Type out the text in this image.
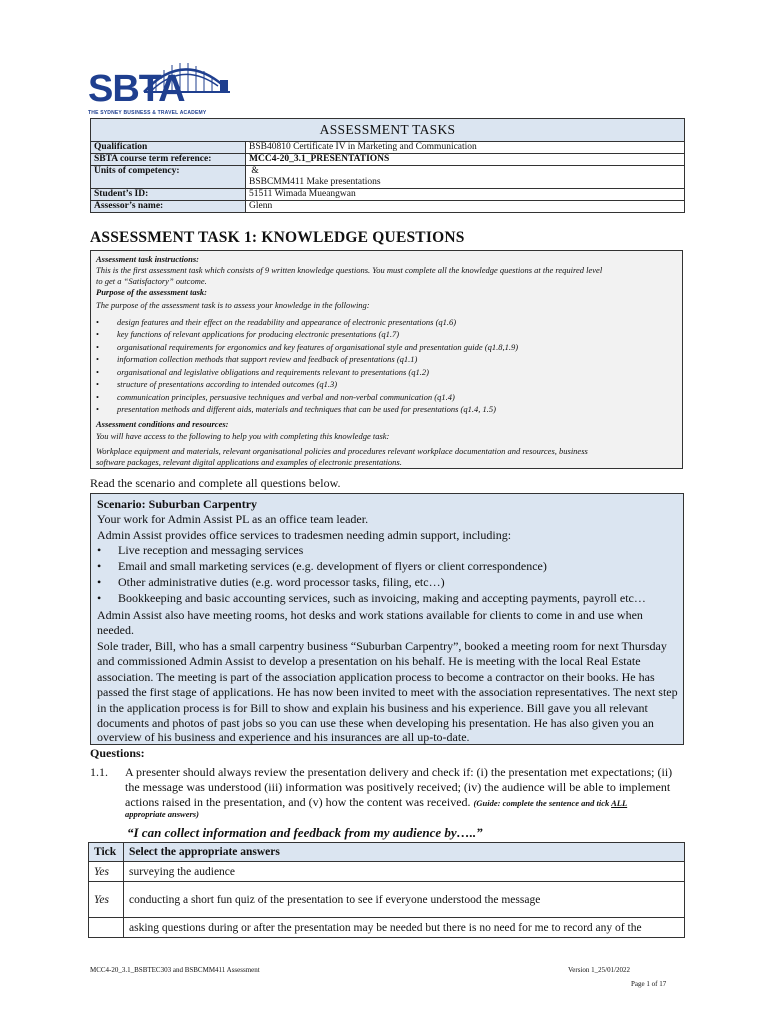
SBTA
THE SYDNEY BUSINESS & TRAVEL ACADEMY
ASSESSMENT TASKS	
Qualification	BSB40810 Certificate IV in Marketing and Communication
SBTA course term reference:	MCC4-20_3.1_PRESENTATIONS
Units of competency:	&
BSBCMM411 Make presentations

Student’s ID:	51511 Wimada Mueangwan
Assessor’s name:	Glenn
ASSESSMENT TASK 1: KNOWLEDGE QUESTIONS
Assessment task instructions:
This is the first assessment task which consists of 9 written knowledge questions. You must complete all the knowledge questions at the required level
to get a “Satisfactory” outcome.
Purpose of the assessment task:
The purpose of the assessment task is to assess your knowledge in the following:
• design features and their effect on the readability and appearance of electronic presentations (q1.6)
• key functions of relevant applications for producing electronic presentations (q1.7)
• organisational requirements for ergonomics and key features of organisational style and presentation guide (q1.8,1.9)
• information collection methods that support review and feedback of presentations (q1.1)
• organisational and legislative obligations and requirements relevant to presentations (q1.2)
• structure of presentations according to intended outcomes (q1.3)
• communication principles, persuasive techniques and verbal and non-verbal communication (q1.4)
• presentation methods and different aids, materials and techniques that can be used for presentations (q1.4, 1.5)
Assessment conditions and resources:
You will have access to the following to help you with completing this knowledge task:
Workplace equipment and materials, relevant organisational policies and procedures relevant workplace documentation and resources, business
software packages, relevant digital applications and examples of electronic presentations.
Read the scenario and complete all questions below.
Scenario: Suburban Carpentry
Your work for Admin Assist PL as an office team leader.
Admin Assist provides office services to tradesmen needing admin support, including:
• Live reception and messaging services
• Email and small marketing services (e.g. development of flyers or client correspondence)
• Other administrative duties (e.g. word processor tasks, filing, etc…)
• Bookkeeping and basic accounting services, such as invoicing, making and accepting payments, payroll etc…
Admin Assist also have meeting rooms, hot desks and work stations available for clients to come in and use when
needed.
Sole trader, Bill, who has a small carpentry business “Suburban Carpentry”, booked a meeting room for next Thursday
and commissioned Admin Assist to develop a presentation on his behalf. He is meeting with the local Real Estate
association. The meeting is part of the association application process to become a contractor on their books. He has
passed the first stage of applications. He has now been invited to meet with the association representatives. The next step
in the application process is for Bill to show and explain his business and his experience. Bill gave you all relevant
documents and photos of past jobs so you can use these when developing his presentation. He has also given you an
overview of his business and experience and his insurances are all up-to-date.
Questions:
1.1. A presenter should always review the presentation delivery and check if: (i) the presentation met expectations; (ii)
the message was understood (iii) information was positively received; (iv) the audience will be able to implement
actions raised in the presentation, and (v) how the content was received. (Guide: complete the sentence and tick ALL
appropriate answers)
“I can collect information and feedback from my audience by…..”
Tick	Select the appropriate answers
Yes	surveying the audience
Yes	conducting a short fun quiz of the presentation to see if everyone understood the message
	asking questions during or after the presentation may be needed but there is no need for me to record any of the
MCC4-20_3.1_BSBTEC303 and BSBCMM411 Assessment	Version 1_25/01/2022
Page 1 of 17
